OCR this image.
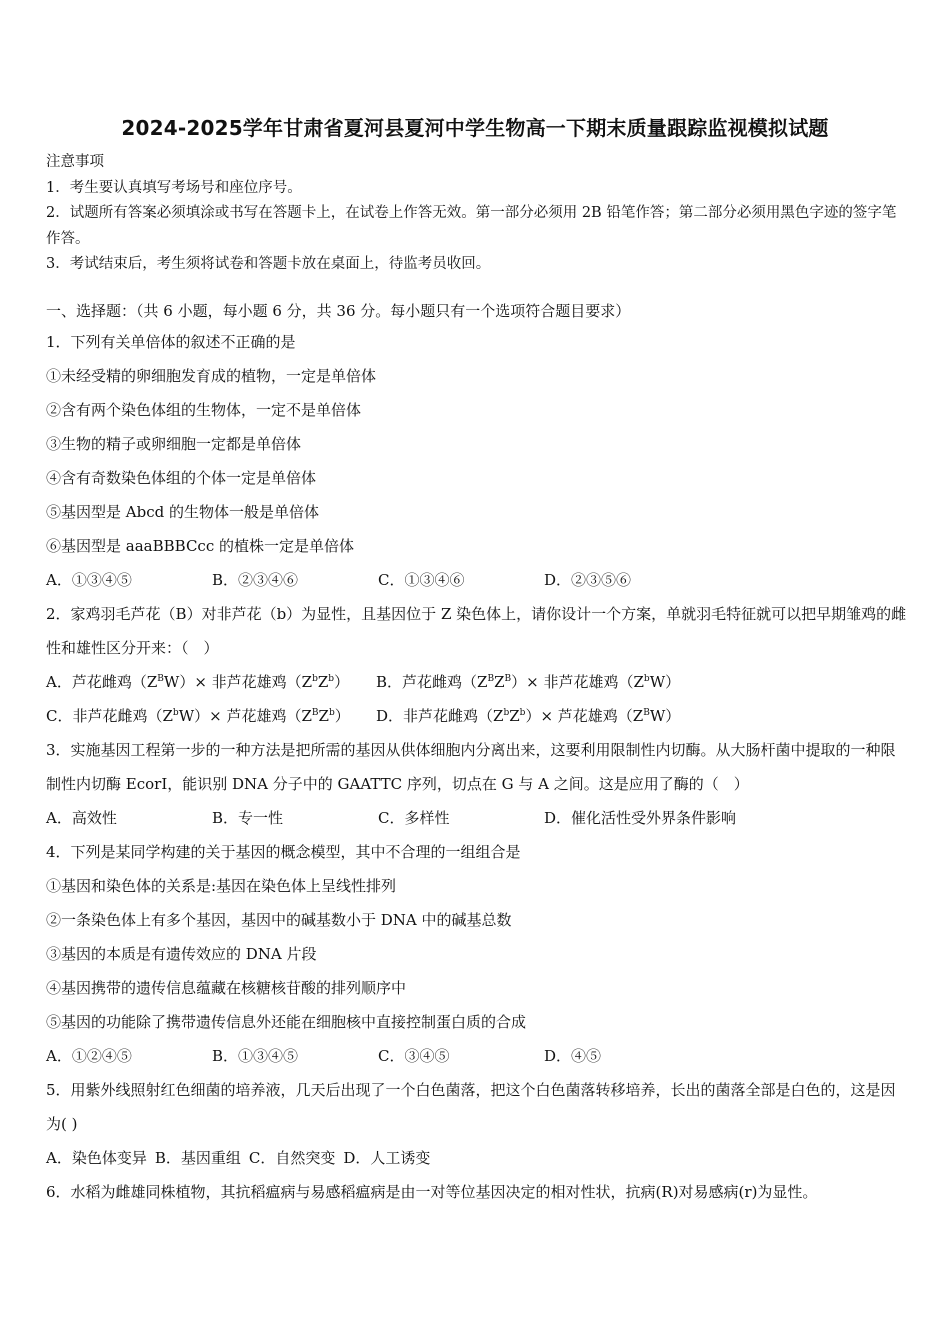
2024-2025学年甘肃省夏河县夏河中学生物高一下期末质量跟踪监视模拟试题

注意事项

1．考生要认真填写考场号和座位序号。

2．试题所有答案必须填涂或书写在答题卡上，在试卷上作答无效。第一部分必须用 2B 铅笔作答；第二部分必须用黑色字迹的签字笔作答。

3．考试结束后，考生须将试卷和答题卡放在桌面上，待监考员收回。

一、选择题：（共 6 小题，每小题 6 分，共 36 分。每小题只有一个选项符合题目要求）

1．下列有关单倍体的叙述不正确的是

①未经受精的卵细胞发育成的植物，一定是单倍体

②含有两个染色体组的生物体，一定不是单倍体

③生物的精子或卵细胞一定都是单倍体

④含有奇数染色体组的个体一定是单倍体

⑤基因型是 Abcd 的生物体一般是单倍体

⑥基因型是 aaaBBBCcc 的植株一定是单倍体

A．①③④⑤	B．②③④⑥	C．①③④⑥	D．②③⑤⑥

2．家鸡羽毛芦花（B）对非芦花（b）为显性，且基因位于 Z 染色体上，请你设计一个方案，单就羽毛特征就可以把早期雏鸡的雌性和雄性区分开来：（　）

A．芦花雌鸡$(Z^BW)\times$ 非芦花雄鸡$(Z^bZ^b)$	B．芦花雌鸡$(Z^BZ^B)\times$ 非芦花雄鸡$(Z^bW)$
C．非芦花雌鸡$(Z^bW)\times$ 芦花雄鸡$(Z^BZ^b)$	D．非芦花雌鸡$(Z^bZ^b)\times$ 芦花雄鸡$(Z^BW)$

3．实施基因工程第一步的一种方法是把所需的基因从供体细胞内分离出来，这要利用限制性内切酶。从大肠杆菌中提取的一种限制性内切酶 EcorI，能识别 DNA 分子中的 GAATTC 序列，切点在 G 与 A 之间。这是应用了酶的（　）

A．高效性	B．专一性	C．多样性	D．催化活性受外界条件影响

4．下列是某同学构建的关于基因的概念模型，其中不合理的一组组合是

①基因和染色体的关系是:基因在染色体上呈线性排列

②一条染色体上有多个基因，基因中的碱基数小于 DNA 中的碱基总数

③基因的本质是有遗传效应的 DNA 片段

④基因携带的遗传信息蕴藏在核糖核苷酸的排列顺序中

⑤基因的功能除了携带遗传信息外还能在细胞核中直接控制蛋白质的合成

A．①②④⑤	B．①③④⑤	C．③④⑤	D．④⑤

5．用紫外线照射红色细菌的培养液，几天后出现了一个白色菌落，把这个白色菌落转移培养，长出的菌落全部是白色的，这是因为( )

A．染色体变异 B．基因重组 C．自然突变 D．人工诱变

6．水稻为雌雄同株植物，其抗稻瘟病与易感稻瘟病是由一对等位基因决定的相对性状，抗病(R)对易感病(r)为显性。
